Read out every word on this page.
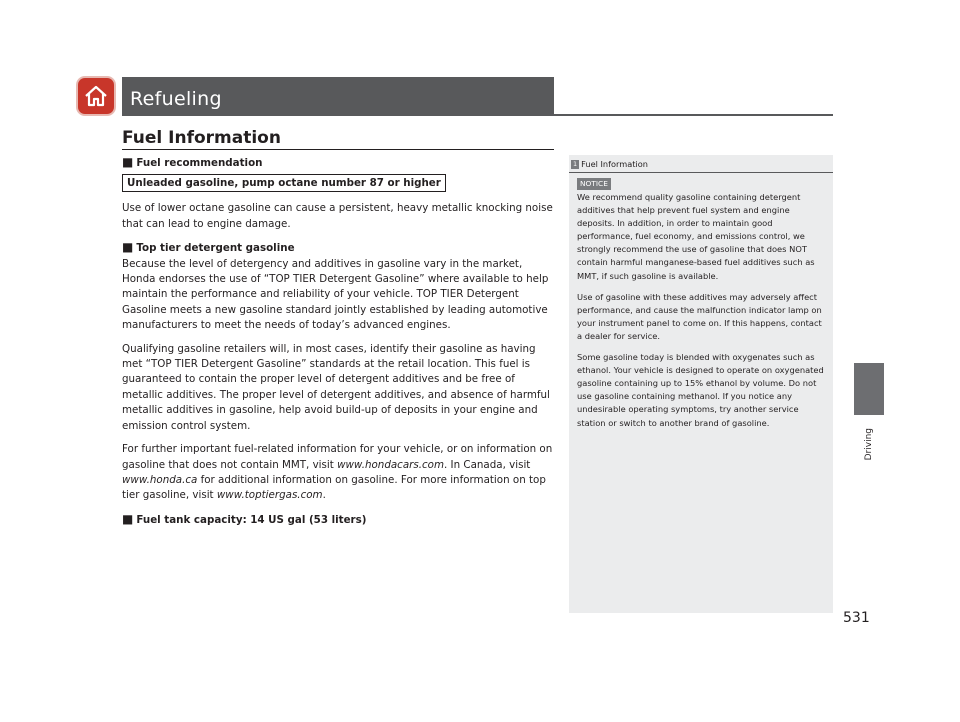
Refueling
Fuel Information

■ Fuel recommendation

Unleaded gasoline, pump octane number 87 or higher

Use of lower octane gasoline can cause a persistent, heavy metallic knocking noise that can lead to engine damage.

■ Top tier detergent gasoline

Because the level of detergency and additives in gasoline vary in the market, Honda endorses the use of “TOP TIER Detergent Gasoline” where available to help maintain the performance and reliability of your vehicle. TOP TIER Detergent Gasoline meets a new gasoline standard jointly established by leading automotive manufacturers to meet the needs of today’s advanced engines.

Qualifying gasoline retailers will, in most cases, identify their gasoline as having met “TOP TIER Detergent Gasoline” standards at the retail location. This fuel is guaranteed to contain the proper level of detergent additives and be free of metallic additives. The proper level of detergent additives, and absence of harmful metallic additives in gasoline, help avoid build-up of deposits in your engine and emission control system.

For further important fuel-related information for your vehicle, or on information on gasoline that does not contain MMT, visit www.hondacars.com. In Canada, visit www.honda.ca for additional information on gasoline. For more information on top tier gasoline, visit www.toptiergas.com.

■ Fuel tank capacity: 14 US gal (53 liters)

1 Fuel Information
NOTICE

We recommend quality gasoline containing detergent additives that help prevent fuel system and engine deposits. In addition, in order to maintain good performance, fuel economy, and emissions control, we strongly recommend the use of gasoline that does NOT contain harmful manganese-based fuel additives such as MMT, if such gasoline is available.

Use of gasoline with these additives may adversely affect performance, and cause the malfunction indicator lamp on your instrument panel to come on. If this happens, contact a dealer for service.

Some gasoline today is blended with oxygenates such as ethanol. Your vehicle is designed to operate on oxygenated gasoline containing up to 15% ethanol by volume. Do not use gasoline containing methanol. If you notice any undesirable operating symptoms, try another service station or switch to another brand of gasoline.

Driving
531
